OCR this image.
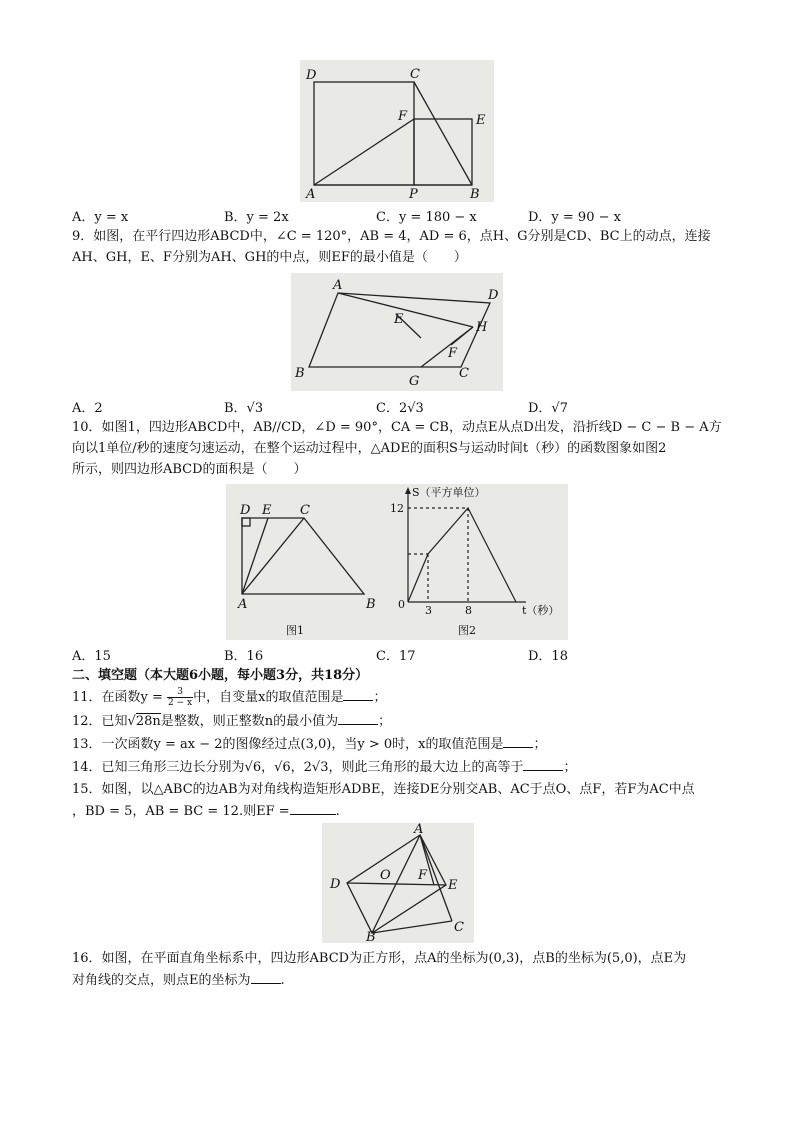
D	C
F	E
A	P	B
A．y = x	B．y = 2x	C．y = 180 − x	D．y = 90 − x
9．如图，在平行四边形ABCD中，∠C = 120°，AB = 4，AD = 6，点H、G分别是CD、BC上的动点，连接
AH、GH，E、F分别为AH、GH的中点，则EF的最小值是（　　）
A
D
E
H
F
B
G
C
A．2	B．√3	C．2√3	D．√7
10．如图1，四边形ABCD中，AB//CD，∠D = 90°，CA = CB，动点E从点D出发，沿折线D − C − B − A方
向以1单位/秒的速度匀速运动，在整个运动过程中，△ADE的面积S与运动时间t（秒）的函数图象如图2
所示，则四边形ABCD的面积是（　　）
D E C
A	B
图1
S（平方单位）
12
0 3	8	t（秒）
图2
A．15	B．16	C．17	D．18
二、填空题（本大题6小题，每小题3分，共18分）
11．在函数$y = \frac{3}{2 - x}$ 中，自变量x的取值范围是 ；
12．已知√28n是整数，则正整数n的最小值为	；
13．一次函数y = ax − 2的图像经过点(3,0)，当y > 0时，x的取值范围是 ；
14．已知三角形三边长分别为√6，√6，2√3，则此三角形的最大边上的高等于	；
15．如图，以△ABC的边AB为对角线构造矩形ADBE，连接DE分别交AB、AC于点O、点F，若F为AC中点
，BD = 5，AB = BC = 12.则EF =	.
A
D
O F
E
B
C
16．如图，在平面直角坐标系中，四边形ABCD为正方形，点A的坐标为(0,3)，点B的坐标为(5,0)，点E为
对角线的交点，则点E的坐标为 .
